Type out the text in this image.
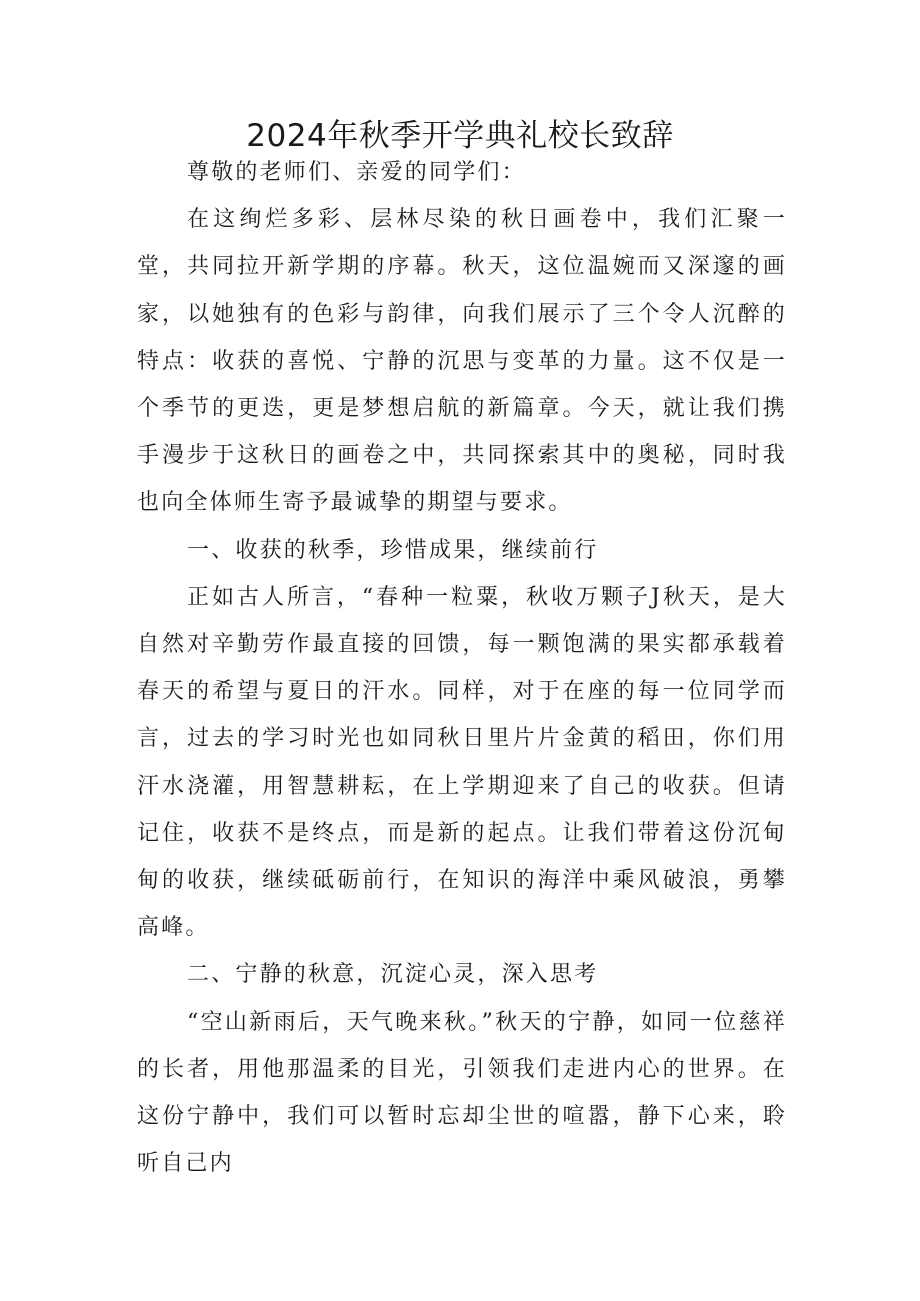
2024年秋季开学典礼校长致辞

尊敬的老师们、亲爱的同学们：

在这绚烂多彩、层林尽染的秋日画卷中，我们汇聚一堂，共同拉开新学期的序幕。秋天，这位温婉而又深邃的画家，以她独有的色彩与韵律，向我们展示了三个令人沉醉的特点：收获的喜悦、宁静的沉思与变革的力量。这不仅是一个季节的更迭，更是梦想启航的新篇章。今天，就让我们携手漫步于这秋日的画卷之中，共同探索其中的奥秘，同时我也向全体师生寄予最诚挚的期望与要求。

一、收获的秋季，珍惜成果，继续前行

正如古人所言，“春种一粒粟，秋收万颗子J秋天，是大自然对辛勤劳作最直接的回馈，每一颗饱满的果实都承载着春天的希望与夏日的汗水。同样，对于在座的每一位同学而言，过去的学习时光也如同秋日里片片金黄的稻田，你们用汗水浇灌，用智慧耕耘，在上学期迎来了自己的收获。但请记住，收获不是终点，而是新的起点。让我们带着这份沉甸甸的收获，继续砥砺前行，在知识的海洋中乘风破浪，勇攀高峰。

二、宁静的秋意，沉淀心灵，深入思考

“空山新雨后，天气晚来秋。”秋天的宁静，如同一位慈祥的长者，用他那温柔的目光，引领我们走进内心的世界。在这份宁静中，我们可以暂时忘却尘世的喧嚣，静下心来，聆听自己内
